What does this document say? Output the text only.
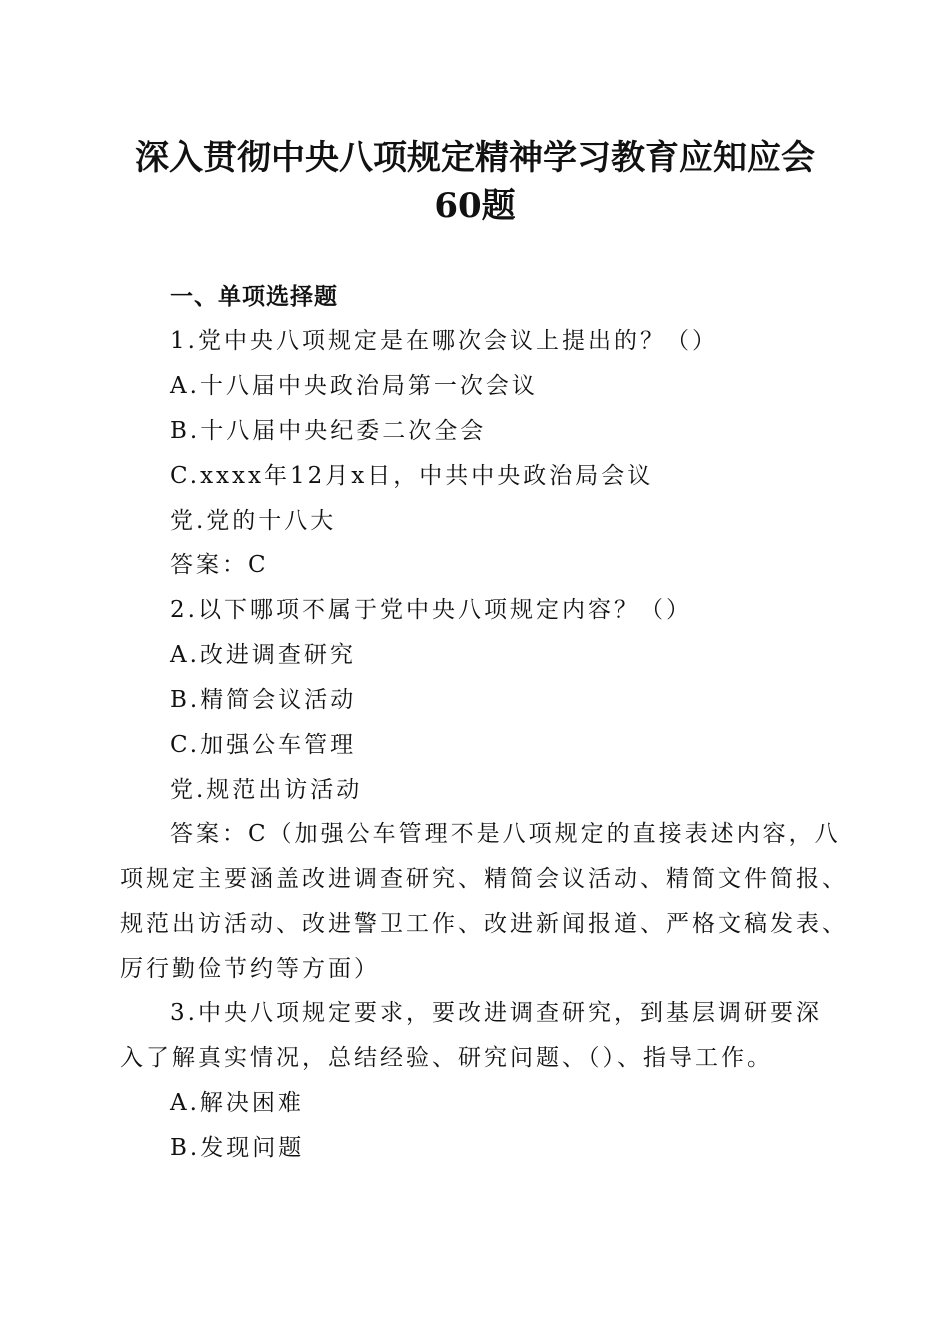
深入贯彻中央八项规定精神学习教育应知应会
60题
一、单项选择题
1.党中央八项规定是在哪次会议上提出的？（）
A.十八届中央政治局第一次会议
B.十八届中央纪委二次全会
C.xxxx年12月x日，中共中央政治局会议
党.党的十八大
答案：C
2.以下哪项不属于党中央八项规定内容？（）
A.改进调查研究
B.精简会议活动
C.加强公车管理
党.规范出访活动
答案：C（加强公车管理不是八项规定的直接表述内容，八
项规定主要涵盖改进调查研究、精简会议活动、精简文件简报、
规范出访活动、改进警卫工作、改进新闻报道、严格文稿发表、
厉行勤俭节约等方面）
3.中央八项规定要求，要改进调查研究，到基层调研要深
入了解真实情况，总结经验、研究问题、（）、指导工作。
A.解决困难
B.发现问题
